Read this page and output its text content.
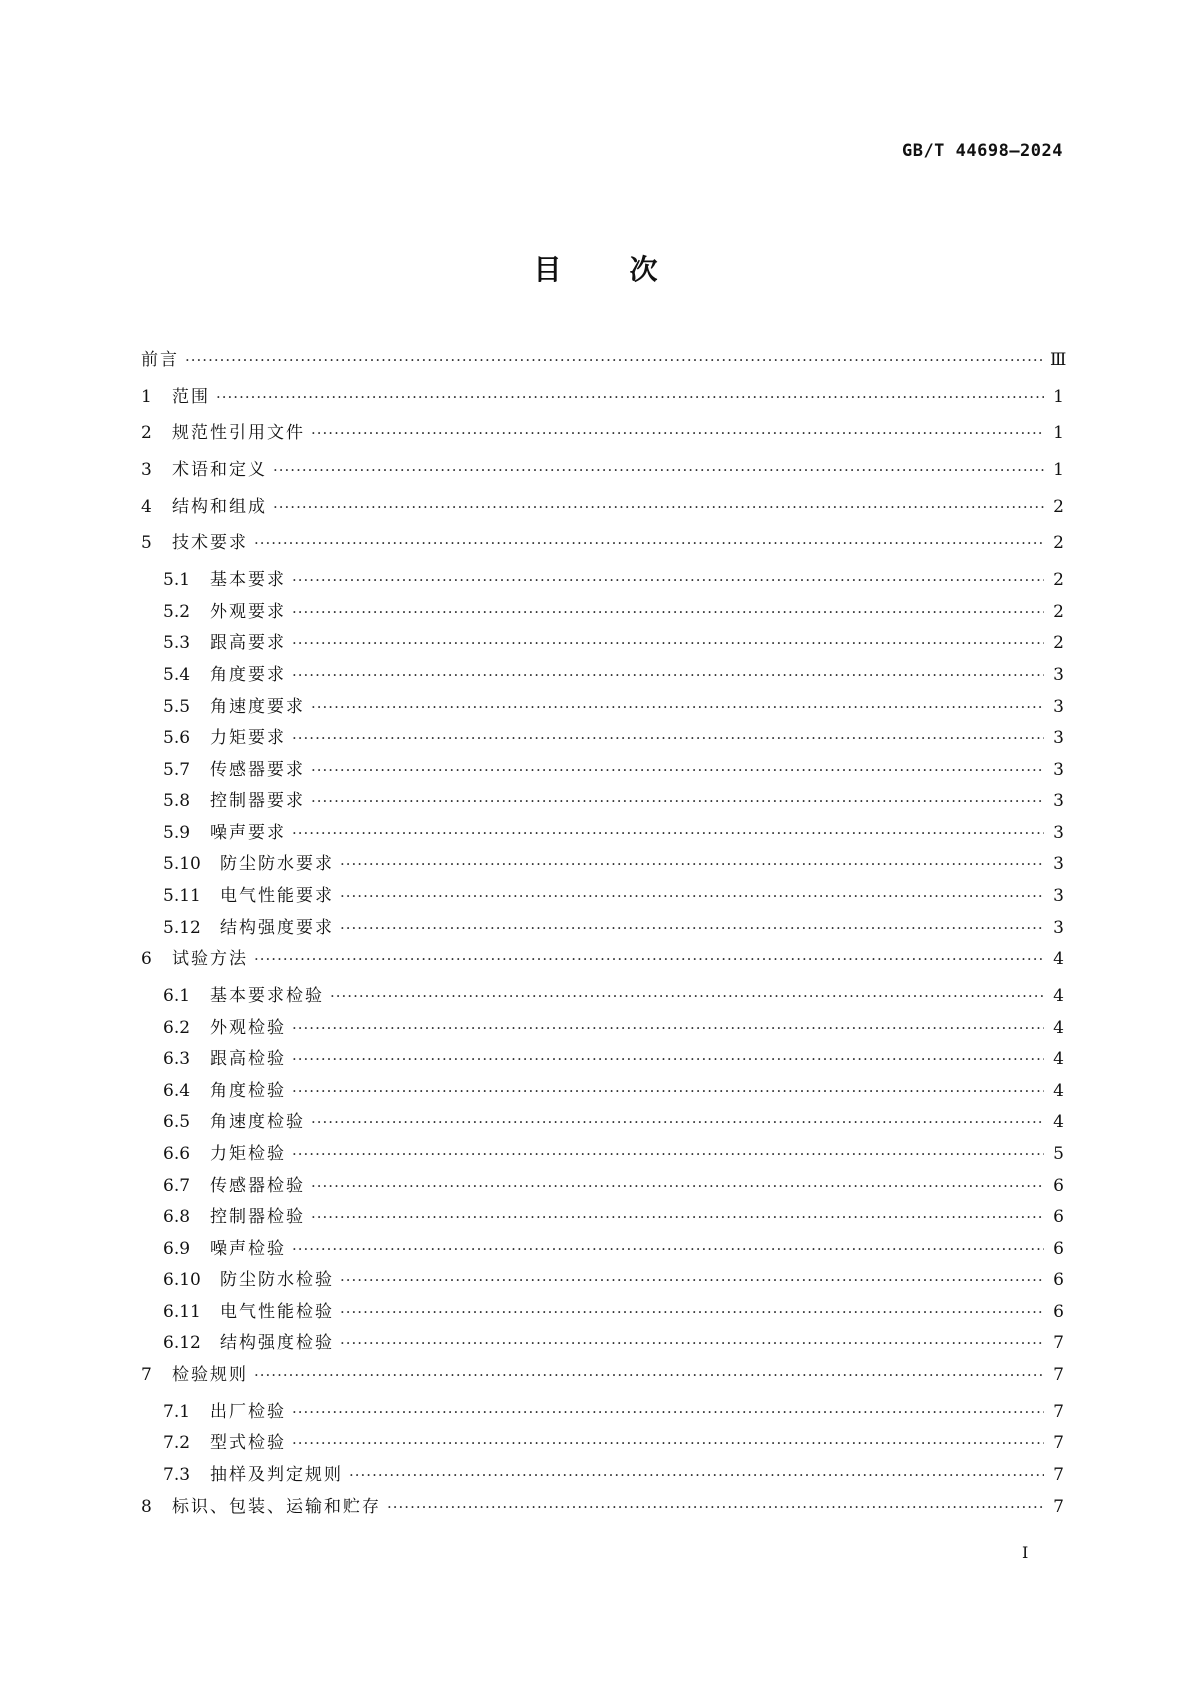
GB/T 44698—2024
目次
前言 ·····	Ⅲ
1	范围 ·····	1
2	规范性引用文件 ·····	1
3	术语和定义 ·····	1
4	结构和组成 ·····	2
5	技术要求 ·····	2
5.1 基本要求 ·····	2
5.2 外观要求 ·····	2
5.3 跟高要求 ·····	2
5.4 角度要求 ·····	3
5.5 角速度要求 ·····	3
5.6 力矩要求 ·····	3
5.7 传感器要求 ·····	3
5.8 控制器要求 ·····	3
5.9 噪声要求 ·····	3
5.10 防尘防水要求 ·····	3
5.11 电气性能要求 ·····	3
5.12 结构强度要求 ·····	3
6	试验方法 ·····	4
6.1 基本要求检验 ·····	4
6.2 外观检验 ·····	4
6.3 跟高检验 ·····	4
6.4 角度检验 ·····	4
6.5 角速度检验 ·····	4
6.6 力矩检验 ·····	5
6.7 传感器检验 ·····	6
6.8 控制器检验 ·····	6
6.9 噪声检验 ·····	6
6.10 防尘防水检验 ·····	6
6.11 电气性能检验 ·····	6
6.12 结构强度检验 ·····	7
7	检验规则 ·····	7
7.1 出厂检验 ·····	7
7.2 型式检验 ·····	7
7.3 抽样及判定规则 ·····	7
8	标识、包装、运输和贮存 ·····	7
I
